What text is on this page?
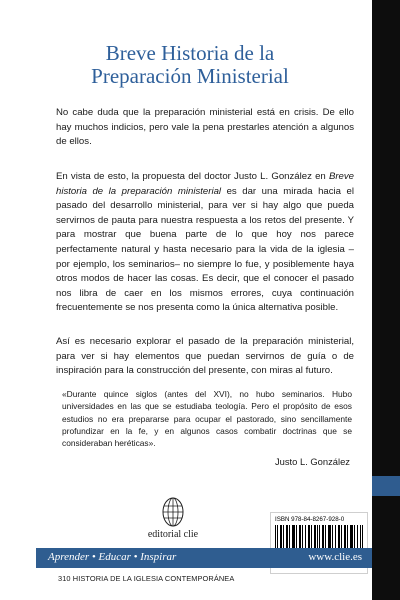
Breve Historia de la
Preparación Ministerial
No cabe duda que la preparación ministerial está en crisis. De ello hay muchos indicios, pero vale la pena prestarles atención a algunos de ellos.
En vista de esto, la propuesta del doctor Justo L. González en Breve historia de la preparación ministerial es dar una mirada hacia el pasado del desarrollo ministerial, para ver si hay algo que pueda servirnos de pauta para nuestra respuesta a los retos del presente. Y para mostrar que buena parte de lo que hoy nos parece perfectamente natural y hasta necesario para la vida de la iglesia –por ejemplo, los seminarios– no siempre lo fue, y posiblemente haya otros modos de hacer las cosas. Es decir, que el conocer el pasado nos libra de caer en los mismos errores, cuya continuación frecuentemente se nos presenta como la única alternativa posible.
Así es necesario explorar el pasado de la preparación ministerial, para ver si hay elementos que puedan servirnos de guía o de inspiración para la construcción del presente, con miras al futuro.
«Durante quince siglos (antes del XVI), no hubo seminarios. Hubo universidades en las que se estudiaba teología. Pero el propósito de esos estudios no era prepararse para ocupar el pastorado, sino sencillamente profundizar en la fe, y en algunos casos combatir doctrinas que se consideraban heréticas».
Justo L. González
editorial clie
ISBN 978-84-8267-928-0
Aprender • Educar • Inspirar	www.clie.es
310 HISTORIA DE LA IGLESIA CONTEMPORÁNEA
